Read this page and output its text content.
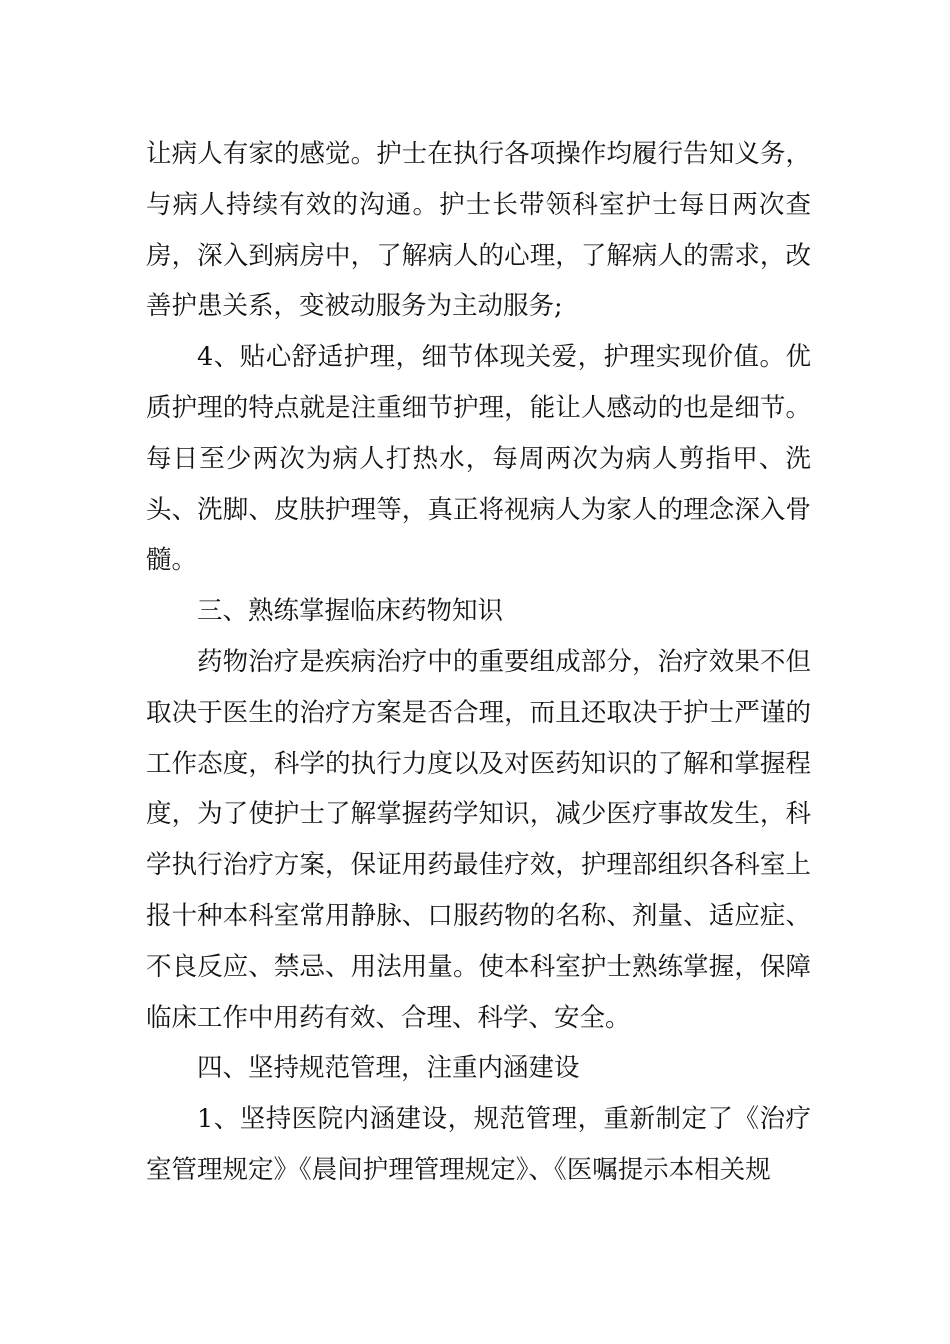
让病人有家的感觉。护士在执行各项操作均履行告知义务，与病人持续有效的沟通。护士长带领科室护士每日两次查房，深入到病房中，了解病人的心理，了解病人的需求，改善护患关系，变被动服务为主动服务;

4、贴心舒适护理，细节体现关爱，护理实现价值。优质护理的特点就是注重细节护理，能让人感动的也是细节。每日至少两次为病人打热水，每周两次为病人剪指甲、洗头、洗脚、皮肤护理等，真正将视病人为家人的理念深入骨髓。

三、熟练掌握临床药物知识

药物治疗是疾病治疗中的重要组成部分，治疗效果不但取决于医生的治疗方案是否合理，而且还取决于护士严谨的工作态度，科学的执行力度以及对医药知识的了解和掌握程度，为了使护士了解掌握药学知识，减少医疗事故发生，科学执行治疗方案，保证用药最佳疗效，护理部组织各科室上报十种本科室常用静脉、口服药物的名称、剂量、适应症、不良反应、禁忌、用法用量。使本科室护士熟练掌握，保障临床工作中用药有效、合理、科学、安全。

四、坚持规范管理，注重内涵建设

1、坚持医院内涵建设，规范管理，重新制定了《治疗室管理规定》《晨间护理管理规定》、《医嘱提示本相关规
